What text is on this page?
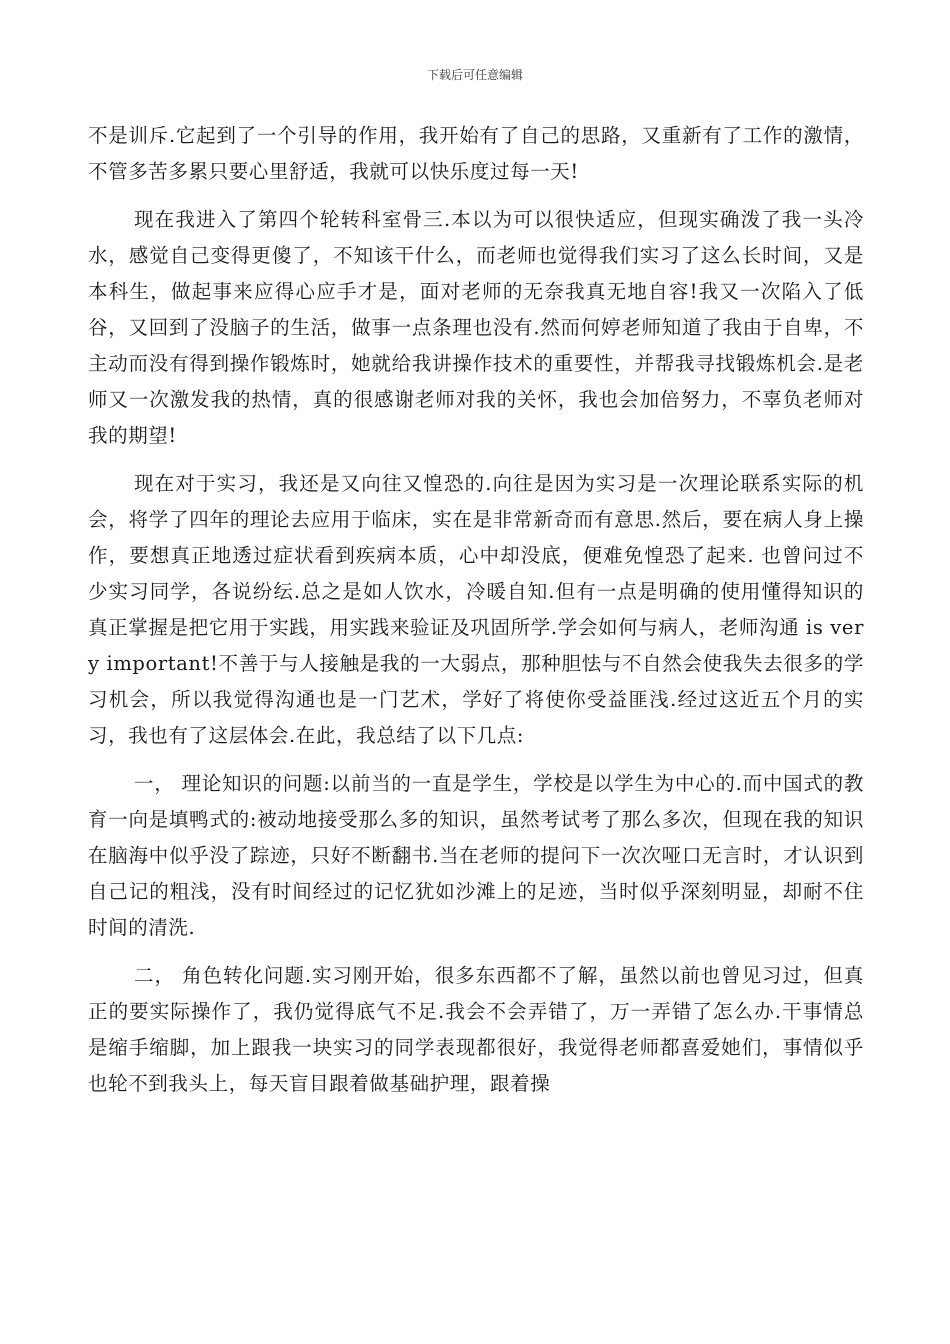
下载后可任意编辑

不是训斥.它起到了一个引导的作用，我开始有了自己的思路，又重新有了工作的激情，不管多苦多累只要心里舒适，我就可以快乐度过每一天!

现在我进入了第四个轮转科室骨三.本以为可以很快适应，但现实确泼了我一头冷水，感觉自己变得更傻了，不知该干什么，而老师也觉得我们实习了这么长时间，又是本科生，做起事来应得心应手才是，面对老师的无奈我真无地自容!我又一次陷入了低谷，又回到了没脑子的生活，做事一点条理也没有.然而何婷老师知道了我由于自卑，不主动而没有得到操作锻炼时，她就给我讲操作技术的重要性，并帮我寻找锻炼机会.是老师又一次激发我的热情，真的很感谢老师对我的关怀，我也会加倍努力，不辜负老师对我的期望!

现在对于实习，我还是又向往又惶恐的.向往是因为实习是一次理论联系实际的机会，将学了四年的理论去应用于临床，实在是非常新奇而有意思.然后，要在病人身上操作，要想真正地透过症状看到疾病本质，心中却没底，便难免惶恐了起来. 也曾问过不少实习同学，各说纷纭.总之是如人饮水，冷暖自知.但有一点是明确的使用懂得知识的真正掌握是把它用于实践，用实践来验证及巩固所学.学会如何与病人，老师沟通 is very important!不善于与人接触是我的一大弱点，那种胆怯与不自然会使我失去很多的学习机会，所以我觉得沟通也是一门艺术，学好了将使你受益匪浅.经过这近五个月的实习，我也有了这层体会.在此，我总结了以下几点:

一， 理论知识的问题:以前当的一直是学生，学校是以学生为中心的.而中国式的教育一向是填鸭式的:被动地接受那么多的知识，虽然考试考了那么多次，但现在我的知识在脑海中似乎没了踪迹，只好不断翻书.当在老师的提问下一次次哑口无言时，才认识到自己记的粗浅，没有时间经过的记忆犹如沙滩上的足迹，当时似乎深刻明显，却耐不住时间的清洗.

二， 角色转化问题.实习刚开始，很多东西都不了解，虽然以前也曾见习过，但真正的要实际操作了，我仍觉得底气不足.我会不会弄错了，万一弄错了怎么办.干事情总是缩手缩脚，加上跟我一块实习的同学表现都很好，我觉得老师都喜爱她们，事情似乎也轮不到我头上，每天盲目跟着做基础护理，跟着操
